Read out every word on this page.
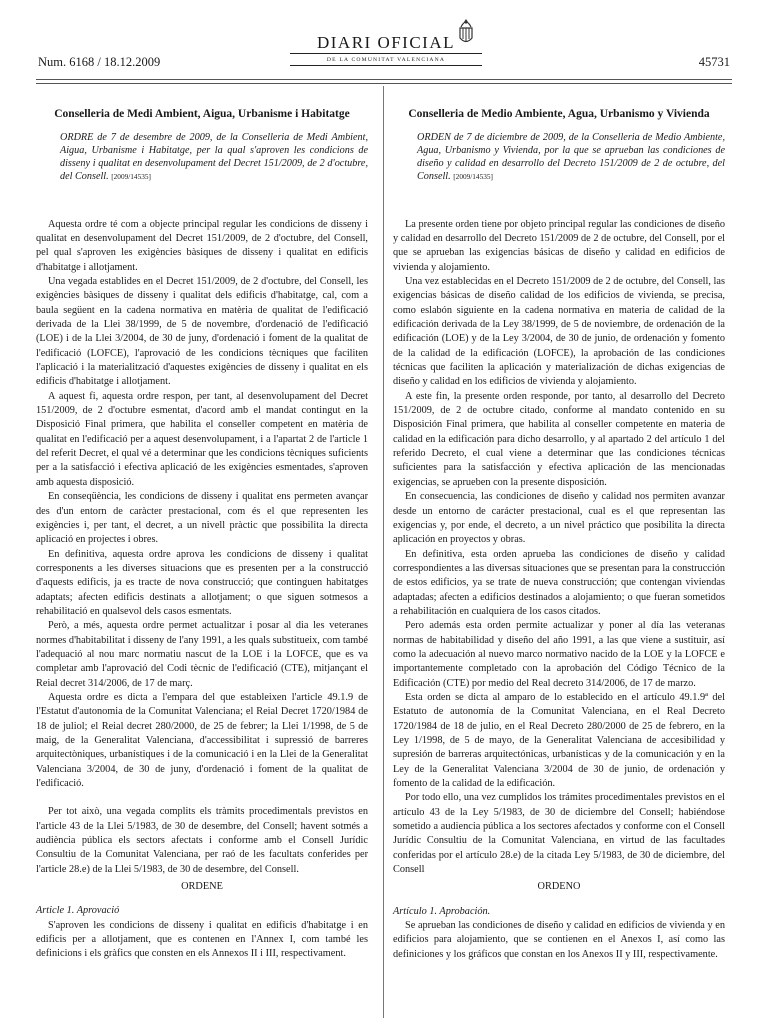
Num. 6168 / 18.12.2009
DIARI OFICIAL
DE LA COMUNITAT VALENCIANA	45731
Conselleria de Medi Ambient, Aigua, Urbanisme i Habitatge
ORDRE de 7 de desembre de 2009, de la Conselleria de Medi Ambient, Aigua, Urbanisme i Habitatge, per la qual s'aproven les condicions de disseny i qualitat en desenvolupament del Decret 151/2009, de 2 d'octubre, del Consell. [2009/14535]
Aquesta ordre té com a objecte principal regular les condicions de disseny i qualitat en desenvolupament del Decret 151/2009, de 2 d'octubre, del Consell, pel qual s'aproven les exigències bàsiques de disseny i qualitat en edificis d'habitatge i allotjament.
Una vegada establides en el Decret 151/2009, de 2 d'octubre, del Consell, les exigències bàsiques de disseny i qualitat dels edificis d'habitatge, cal, com a baula següent en la cadena normativa en matèria de qualitat de l'edificació derivada de la Llei 38/1999, de 5 de novembre, d'ordenació de l'edificació (LOE) i de la Llei 3/2004, de 30 de juny, d'ordenació i foment de la qualitat de l'edificació (LOFCE), l'aprovació de les condicions tècniques que faciliten l'aplicació i la materialització d'aquestes exigències de disseny i qualitat en els edificis d'habitatge i allotjament.
A aquest fi, aquesta ordre respon, per tant, al desenvolupament del Decret 151/2009, de 2 d'octubre esmentat, d'acord amb el mandat contingut en la Disposició Final primera, que habilita el conseller competent en matèria de qualitat en l'edificació per a aquest desenvolupament, i a l'apartat 2 de l'article 1 del referit Decret, el qual vé a determinar que les condicions tècniques suficients per a la satisfacció i efectiva aplicació de les exigències esmentades, s'aproven amb aquesta disposició.
En conseqüència, les condicions de disseny i qualitat ens permeten avançar des d'un entorn de caràcter prestacional, com és el que representen les exigències i, per tant, el decret, a un nivell pràctic que possibilita la directa aplicació en projectes i obres.
En definitiva, aquesta ordre aprova les condicions de disseny i qualitat corresponents a les diverses situacions que es presenten per a la construcció d'aquests edificis, ja es tracte de nova construcció; que continguen habitatges adaptats; afecten edificis destinats a allotjament; o que siguen sotmesos a rehabilitació en qualsevol dels casos esmentats.
Però, a més, aquesta ordre permet actualitzar i posar al dia les veteranes normes d'habitabilitat i disseny de l'any 1991, a les quals substitueix, com també l'adequació al nou marc normatiu nascut de la LOE i la LOFCE, que es va completar amb l'aprovació del Codi tècnic de l'edificació (CTE), mitjançant el Reial decret 314/2006, de 17 de març.
Aquesta ordre es dicta a l'empara del que estableixen l'article 49.1.9 de l'Estatut d'autonomia de la Comunitat Valenciana; el Reial Decret 1720/1984 de 18 de juliol; el Reial decret 280/2000, de 25 de febrer; la Llei 1/1998, de 5 de maig, de la Generalitat Valenciana, d'accessibilitat i supressió de barreres arquitectòniques, urbanístiques i de la comunicació i en la Llei de la Generalitat Valenciana 3/2004, de 30 de juny, d'ordenació i foment de la qualitat de l'edificació.
Per tot això, una vegada complits els tràmits procedimentals previstos en l'article 43 de la Llei 5/1983, de 30 de desembre, del Consell; havent sotmés a audiència pública els sectors afectats i conforme amb el Consell Jurídic Consultiu de la Comunitat Valenciana, per raó de les facultats conferides per l'article 28.e) de la Llei 5/1983, de 30 de desembre, del Consell.
ORDENE
Article 1. Aprovació
S'aproven les condicions de disseny i qualitat en edificis d'habitatge i en edificis per a allotjament, que es contenen en l'Annex I, com també les definicions i els gràfics que consten en els Annexos II i III, respectivament.
Conselleria de Medio Ambiente, Agua, Urbanismo y Vivienda
ORDEN de 7 de diciembre de 2009, de la Conselleria de Medio Ambiente, Agua, Urbanismo y Vivienda, por la que se aprueban las condiciones de diseño y calidad en desarrollo del Decreto 151/2009 de 2 de octubre, del Consell. [2009/14535]
La presente orden tiene por objeto principal regular las condiciones de diseño y calidad en desarrollo del Decreto 151/2009 de 2 de octubre, del Consell, por el que se aprueban las exigencias básicas de diseño y calidad en edificios de vivienda y alojamiento.
Una vez establecidas en el Decreto 151/2009 de 2 de octubre, del Consell, las exigencias básicas de diseño calidad de los edificios de vivienda, se precisa, como eslabón siguiente en la cadena normativa en materia de calidad de la edificación derivada de la Ley 38/1999, de 5 de noviembre, de ordenación de la edificación (LOE) y de la Ley 3/2004, de 30 de junio, de ordenación y fomento de la calidad de la edificación (LOFCE), la aprobación de las condiciones técnicas que faciliten la aplicación y materialización de dichas exigencias de diseño y calidad en los edificios de vivienda y alojamiento.
A este fin, la presente orden responde, por tanto, al desarrollo del Decreto 151/2009, de 2 de octubre citado, conforme al mandato contenido en su Disposición Final primera, que habilita al conseller competente en materia de calidad en la edificación para dicho desarrollo, y al apartado 2 del artículo 1 del referido Decreto, el cual viene a determinar que las condiciones técnicas suficientes para la satisfacción y efectiva aplicación de las mencionadas exigencias, se aprueben con la presente disposición.
En consecuencia, las condiciones de diseño y calidad nos permiten avanzar desde un entorno de carácter prestacional, cual es el que representan las exigencias y, por ende, el decreto, a un nivel práctico que posibilita la directa aplicación en proyectos y obras.
En definitiva, esta orden aprueba las condiciones de diseño y calidad correspondientes a las diversas situaciones que se presentan para la construcción de estos edificios, ya se trate de nueva construcción; que contengan viviendas adaptadas; afecten a edificios destinados a alojamiento; o que fueran sometidos a rehabilitación en cualquiera de los casos citados.
Pero además esta orden permite actualizar y poner al día las veteranas normas de habitabilidad y diseño del año 1991, a las que viene a sustituir, así como la adecuación al nuevo marco normativo nacido de la LOE y la LOFCE e importantemente completado con la aprobación del Código Técnico de la Edificación (CTE) por medio del Real decreto 314/2006, de 17 de marzo.
Esta orden se dicta al amparo de lo establecido en el artículo 49.1.9ª del Estatuto de autonomía de la Comunitat Valenciana, en el Real Decreto 1720/1984 de 18 de julio, en el Real Decreto 280/2000 de 25 de febrero, en la Ley 1/1998, de 5 de mayo, de la Generalitat Valenciana de accesibilidad y supresión de barreras arquitectónicas, urbanísticas y de la comunicación y en la Ley de la Generalitat Valenciana 3/2004 de 30 de junio, de ordenación y fomento de la calidad de la edificación.
Por todo ello, una vez cumplidos los trámites procedimentales previstos en el artículo 43 de la Ley 5/1983, de 30 de diciembre del Consell; habiéndose sometido a audiencia pública a los sectores afectados y conforme con el Consell Jurídic Consultiu de la Comunitat Valenciana, en virtud de las facultades conferidas por el artículo 28.e) de la citada Ley 5/1983, de 30 de diciembre, del Consell
ORDENO
Artículo 1. Aprobación.
Se aprueban las condiciones de diseño y calidad en edificios de vivienda y en edificios para alojamiento, que se contienen en el Anexos I, así como las definiciones y los gráficos que constan en los Anexos II y III, respectivamente.
